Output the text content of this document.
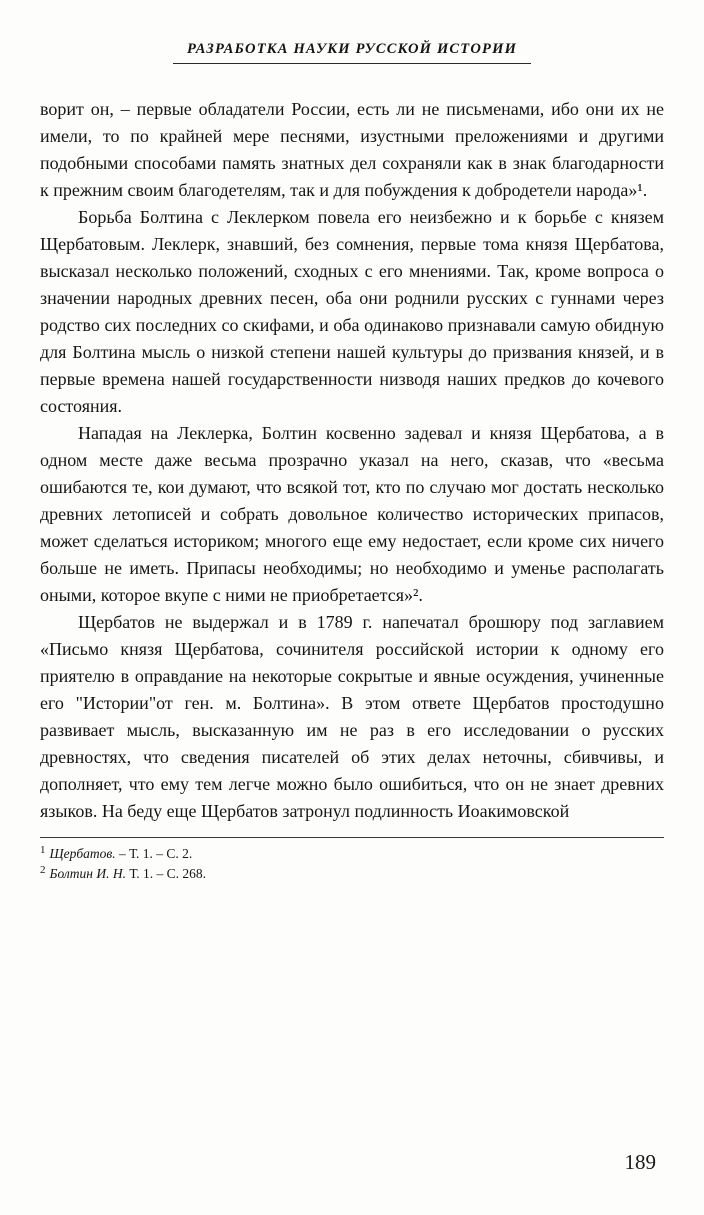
РАЗРАБОТКА НАУКИ РУССКОЙ ИСТОРИИ

ворит он, – первые обладатели России, есть ли не письменами, ибо они их не имели, то по крайней мере песнями, изустными преложениями и другими подобными способами память знатных дел сохраняли как в знак благодарности к прежним своим благодетелям, так и для побуждения к добродетели народа»¹.

Борьба Болтина с Леклерком повела его неизбежно и к борьбе с князем Щербатовым. Леклерк, знавший, без сомнения, первые тома князя Щербатова, высказал несколько положений, сходных с его мнениями. Так, кроме вопроса о значении народных древних песен, оба они роднили русских с гуннами через родство сих последних со скифами, и оба одинаково признавали самую обидную для Болтина мысль о низкой степени нашей культуры до призвания князей, и в первые времена нашей государственности низводя наших предков до кочевого состояния.

Нападая на Леклерка, Болтин косвенно задевал и князя Щербатова, а в одном месте даже весьма прозрачно указал на него, сказав, что «весьма ошибаются те, кои думают, что всякой тот, кто по случаю мог достать несколько древних летописей и собрать довольное количество исторических припасов, может сделаться историком; многого еще ему недостает, если кроме сих ничего больше не иметь. Припасы необходимы; но необходимо и уменье располагать оными, которое вкупе с ними не приобретается»².

Щербатов не выдержал и в 1789 г. напечатал брошюру под заглавием «Письмо князя Щербатова, сочинителя российской истории к одному его приятелю в оправдание на некоторые сокрытые и явные осуждения, учиненные его "Истории"от ген. м. Болтина». В этом ответе Щербатов простодушно развивает мысль, высказанную им не раз в его исследовании о русских древностях, что сведения писателей об этих делах неточны, сбивчивы, и дополняет, что ему тем легче можно было ошибиться, что он не знает древних языков. На беду еще Щербатов затронул подлинность Иоакимовской

1 Щербатов. – Т. 1. – С. 2.

2 Болтин И. Н. Т. 1. – С. 268.

189
